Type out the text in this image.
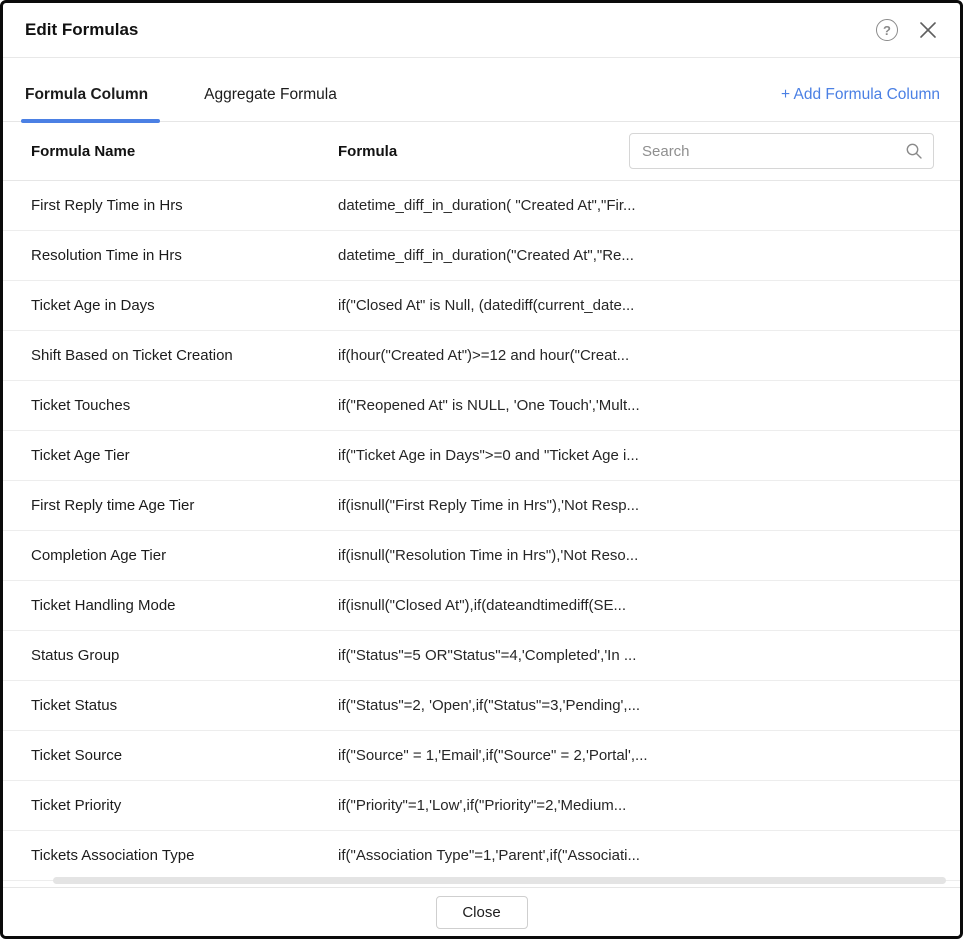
Edit Formulas	?
Formula Column	Aggregate Formula	+ Add Formula Column
Formula Name	Formula
Search
First Reply Time in Hrs	datetime_diff_in_duration( "Created At","Fir...
Resolution Time in Hrs	datetime_diff_in_duration("Created At","Re...
Ticket Age in Days	if("Closed At" is Null, (datediff(current_date...
Shift Based on Ticket Creation	if(hour("Created At")>=12 and hour("Creat...
Ticket Touches	if("Reopened At" is NULL, 'One Touch','Mult...
Ticket Age Tier	if("Ticket Age in Days">=0 and "Ticket Age i...
First Reply time Age Tier	if(isnull("First Reply Time in Hrs"),'Not Resp...
Completion Age Tier	if(isnull("Resolution Time in Hrs"),'Not Reso...
Ticket Handling Mode	if(isnull("Closed At"),if(dateandtimediff(SE...
Status Group	if("Status"=5 OR"Status"=4,'Completed','In ...
Ticket Status	if("Status"=2, 'Open',if("Status"=3,'Pending',...
Ticket Source	if("Source" = 1,'Email',if("Source" = 2,'Portal',...
Ticket Priority	if("Priority"=1,'Low',if("Priority"=2,'Medium...
Tickets Association Type	if("Association Type"=1,'Parent',if("Associati...
Close
